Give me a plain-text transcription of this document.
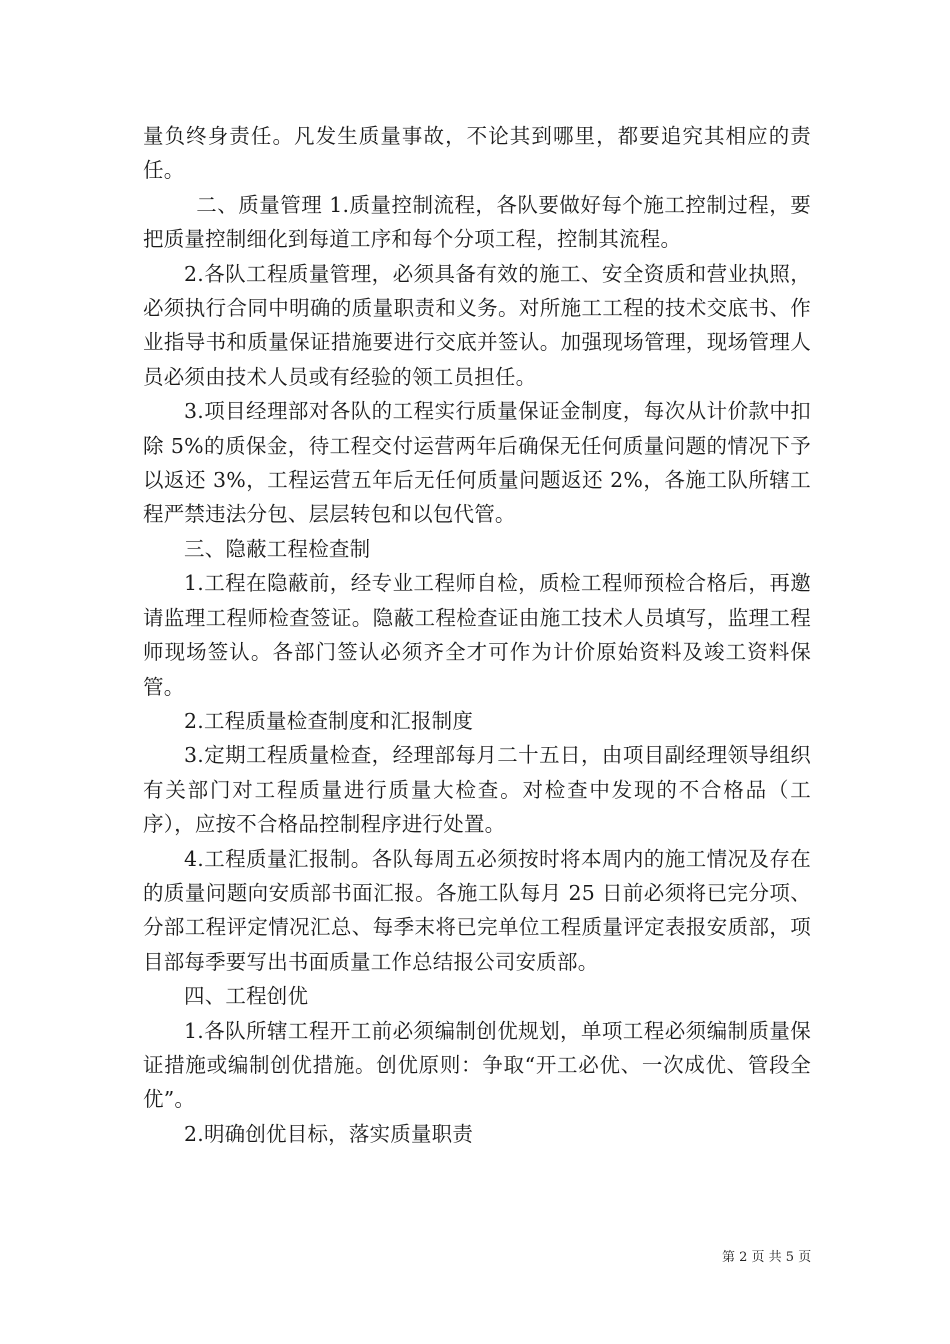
量负终身责任。凡发生质量事故，不论其到哪里，都要追究其相应的责任。

二、质量管理 1.质量控制流程，各队要做好每个施工控制过程，要把质量控制细化到每道工序和每个分项工程，控制其流程。

2.各队工程质量管理，必须具备有效的施工、安全资质和营业执照，必须执行合同中明确的质量职责和义务。对所施工工程的技术交底书、作业指导书和质量保证措施要进行交底并签认。加强现场管理，现场管理人员必须由技术人员或有经验的领工员担任。

3.项目经理部对各队的工程实行质量保证金制度，每次从计价款中扣除 5%的质保金，待工程交付运营两年后确保无任何质量问题的情况下予以返还 3%，工程运营五年后无任何质量问题返还 2%，各施工队所辖工程严禁违法分包、层层转包和以包代管。

三、隐蔽工程检查制

1.工程在隐蔽前，经专业工程师自检，质检工程师预检合格后，再邀请监理工程师检查签证。隐蔽工程检查证由施工技术人员填写，监理工程师现场签认。各部门签认必须齐全才可作为计价原始资料及竣工资料保管。

2.工程质量检查制度和汇报制度

3.定期工程质量检查，经理部每月二十五日，由项目副经理领导组织有关部门对工程质量进行质量大检查。对检查中发现的不合格品（工序），应按不合格品控制程序进行处置。

4.工程质量汇报制。各队每周五必须按时将本周内的施工情况及存在的质量问题向安质部书面汇报。各施工队每月 25 日前必须将已完分项、分部工程评定情况汇总、每季末将已完单位工程质量评定表报安质部，项目部每季要写出书面质量工作总结报公司安质部。

四、工程创优

1.各队所辖工程开工前必须编制创优规划，单项工程必须编制质量保证措施或编制创优措施。创优原则：争取“开工必优、一次成优、管段全优”。

2.明确创优目标，落实质量职责

第 2 页 共 5 页
